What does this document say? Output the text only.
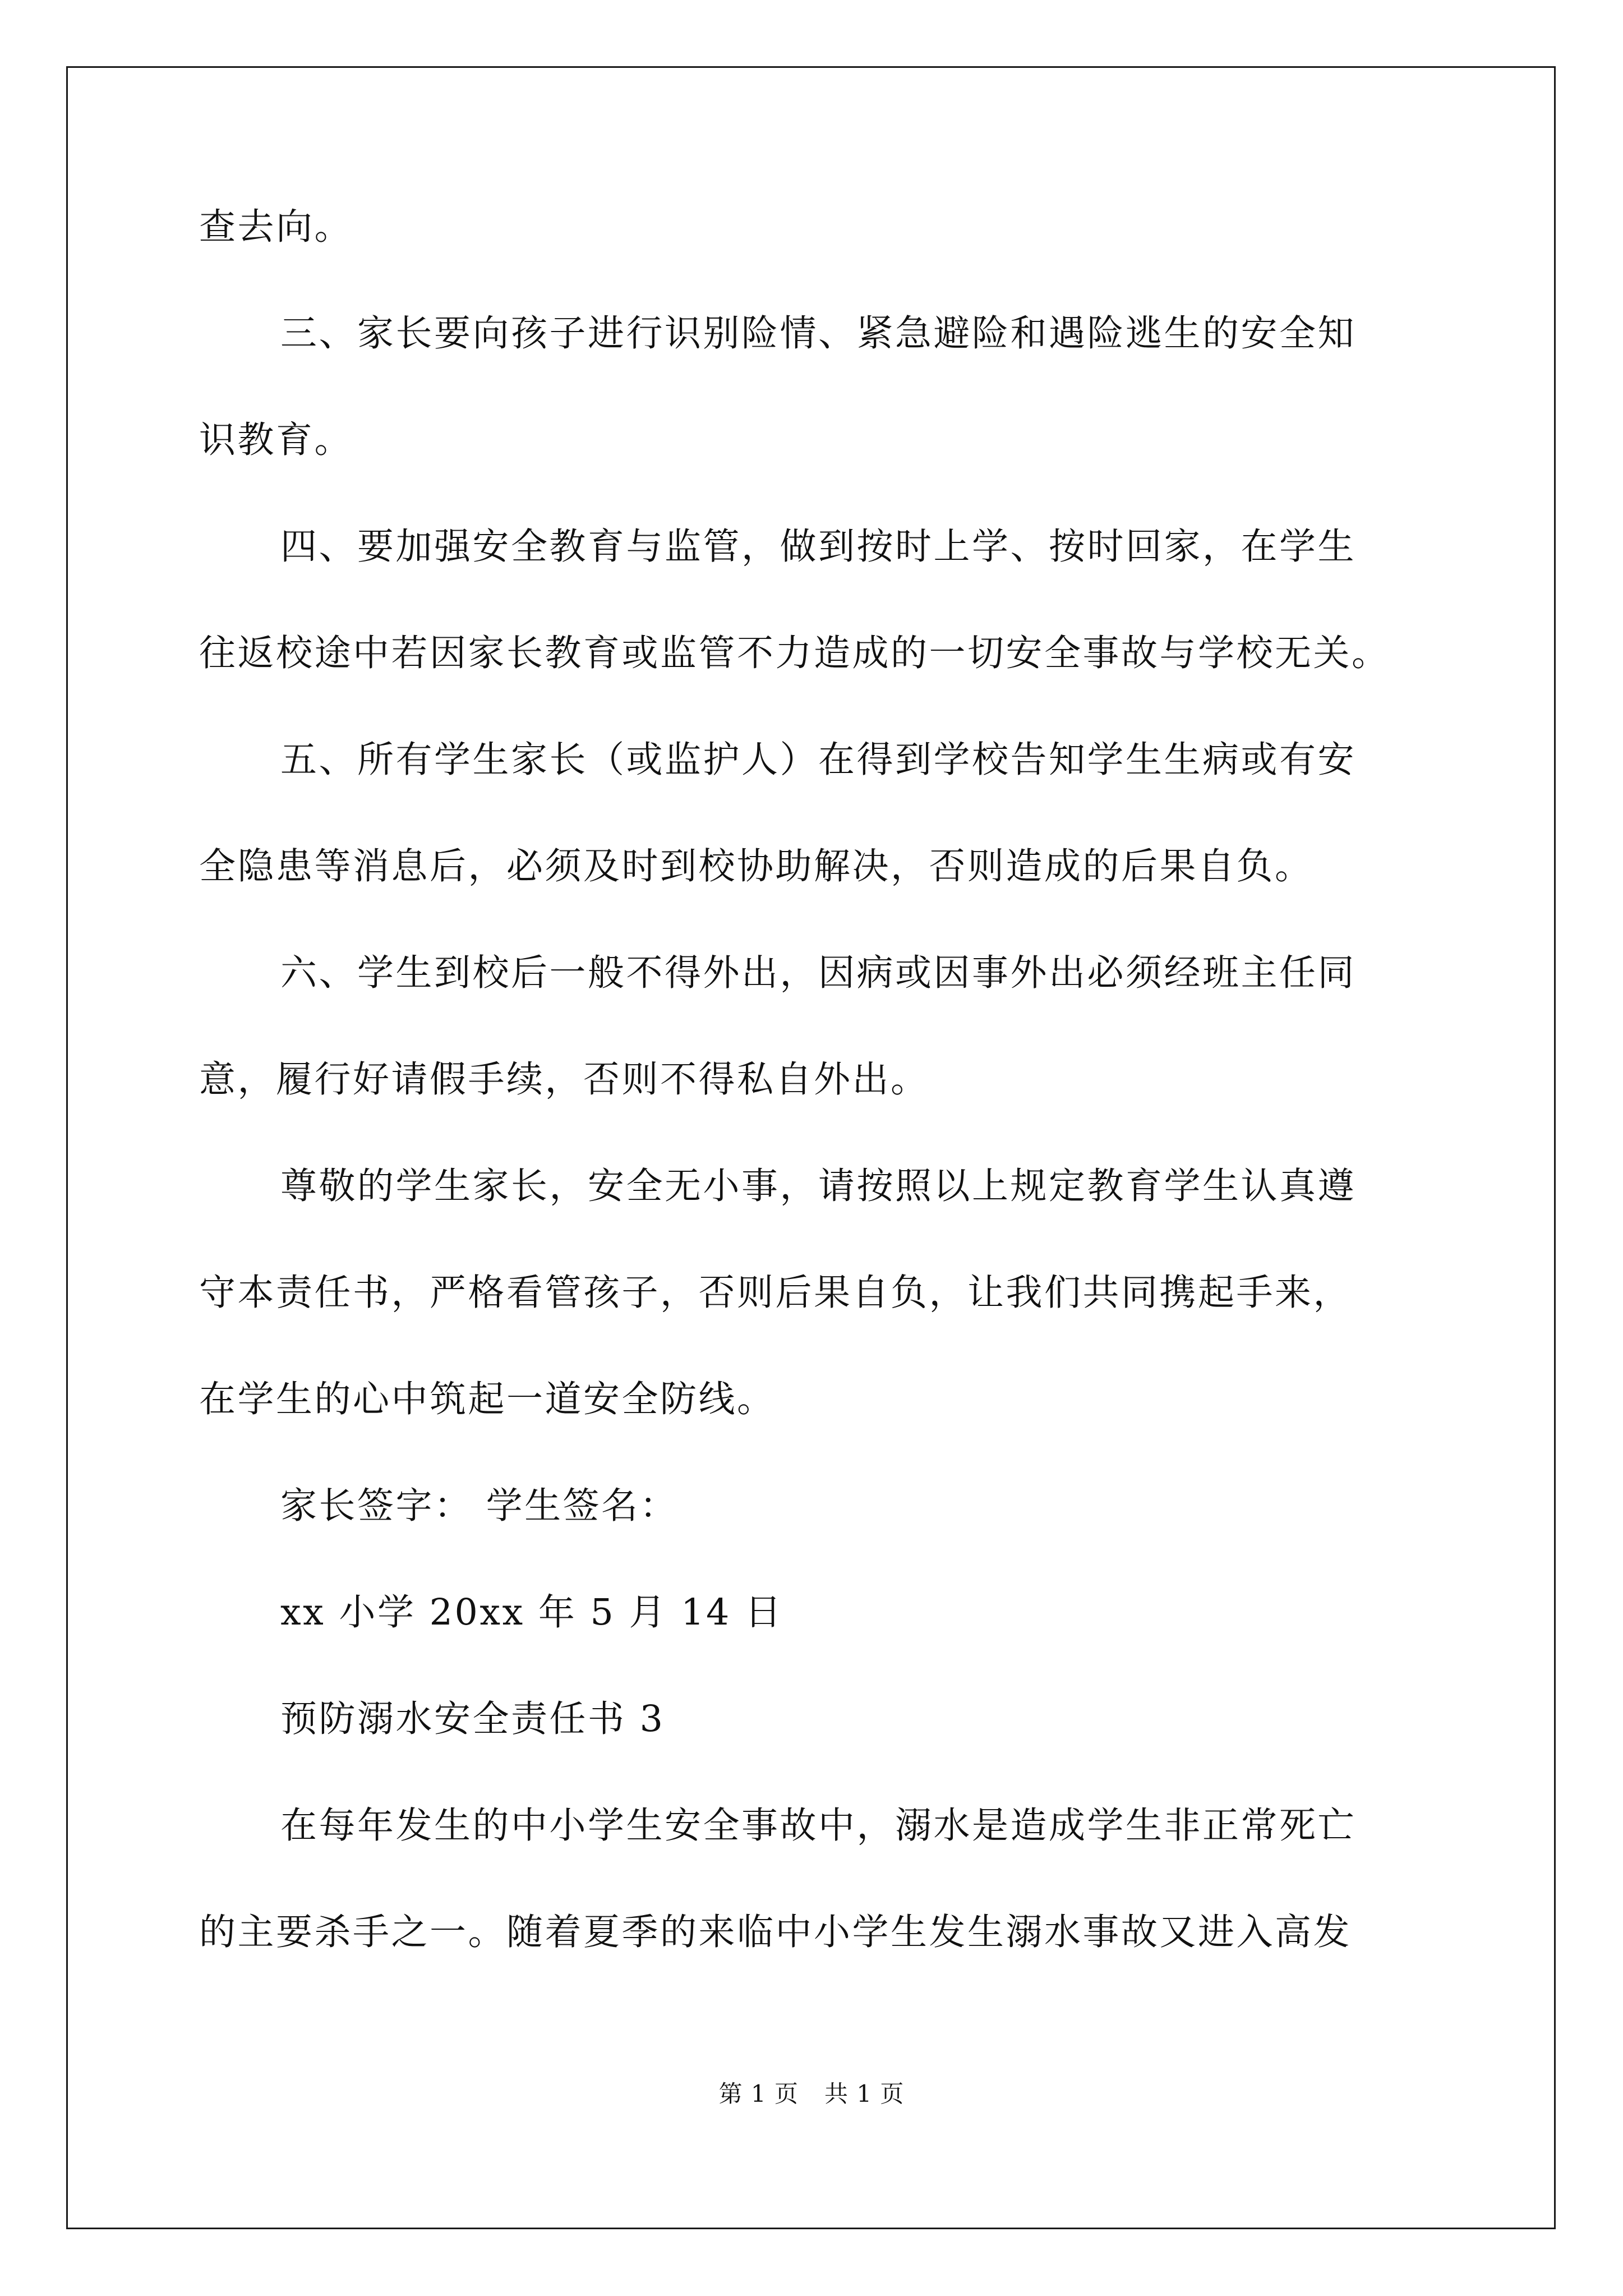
查去向。
三、家长要向孩子进行识别险情、紧急避险和遇险逃生的安全知
识教育。
四、要加强安全教育与监管，做到按时上学、按时回家，在学生
往返校途中若因家长教育或监管不力造成的一切安全事故与学校无关。
五、所有学生家长（或监护人）在得到学校告知学生生病或有安
全隐患等消息后，必须及时到校协助解决，否则造成的后果自负。
六、学生到校后一般不得外出，因病或因事外出必须经班主任同
意，履行好请假手续，否则不得私自外出。
尊敬的学生家长，安全无小事，请按照以上规定教育学生认真遵
守本责任书，严格看管孩子，否则后果自负，让我们共同携起手来，
在学生的心中筑起一道安全防线。
家长签字： 学生签名：
xx 小学 20xx 年 5 月 14 日
预防溺水安全责任书 3
在每年发生的中小学生安全事故中，溺水是造成学生非正常死亡
的主要杀手之一。随着夏季的来临中小学生发生溺水事故又进入高发
第 1 页 共 1 页
